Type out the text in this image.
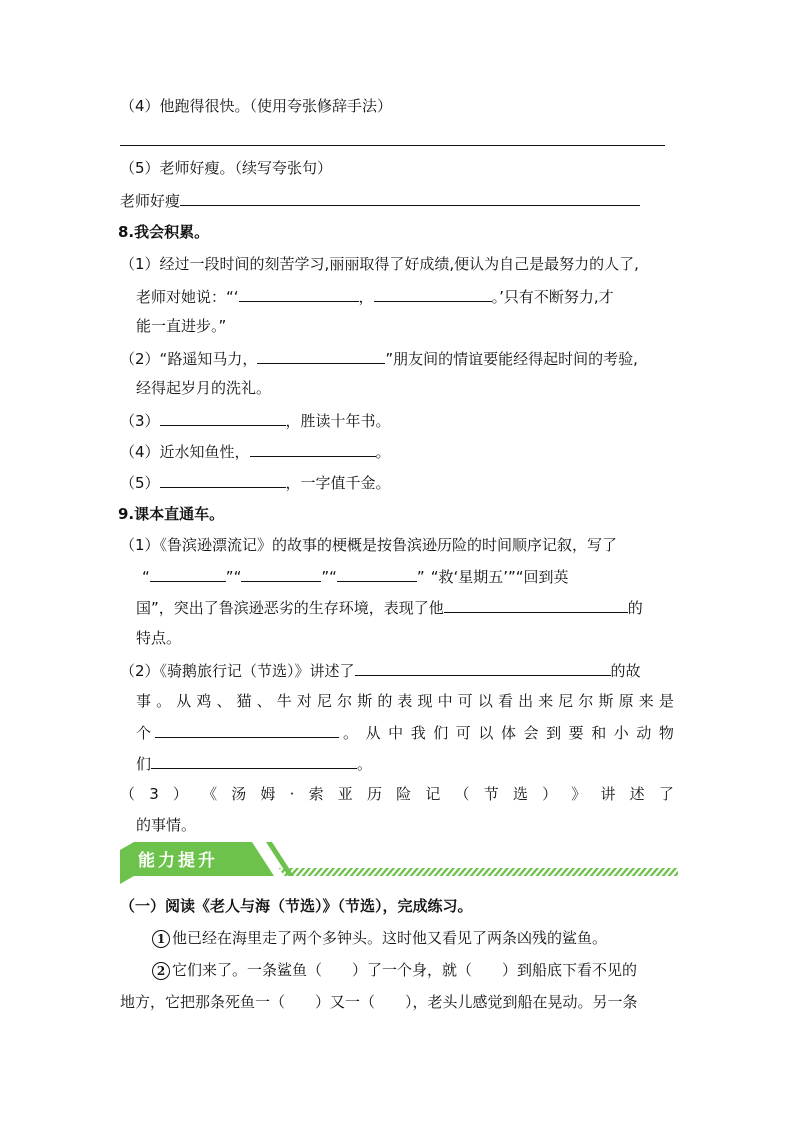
（4）他跑得很快。（使用夸张修辞手法）
（5）老师好瘦。（续写夸张句）
老师好瘦
8.我会积累。
（1）经过一段时间的刻苦学习,丽丽取得了好成绩,便认为自己是最努力的人了,
老师对她说：“‘	，	。’只有不断努力,才
能一直进步。”
（2）“路遥知马力，	”朋友间的情谊要能经得起时间的考验,
经得起岁月的洗礼。
（3）	，胜读十年书。
（4）近水知鱼性，	。
（5）	，一字值千金。
9.课本直通车。
（1）《鲁滨逊漂流记》的故事的梗概是按鲁滨逊历险的时间顺序记叙，写了
“	”“	”“	” “救‘星期五’”“回到英
国”，突出了鲁滨逊恶劣的生存环境，表现了他	的
特点。
（2）《骑鹅旅行记（节选）》讲述了	的故
事 。 从 鸡 、 猫 、 牛 对 尼 尔 斯 的 表 现 中 可 以 看 出 来 尼 尔 斯 原 来 是
个	。 从 中 我 们 可 以 体 会 到 要 和 小 动 物
们	。
（ 3 ） 《 汤 姆 · 索 亚 历 险 记 （ 节 选 ） 》 讲 述 了
的事情。
能力提升
（一）阅读《老人与海（节选）》（节选），完成练习。
1 他已经在海里走了两个多钟头。这时他又看见了两条凶残的鲨鱼。
2 它们来了。一条鲨鱼（　　）了一个身，就（　　）到船底下看不见的
地方，它把那条死鱼一（　　）又一（　　），老头儿感觉到船在晃动。另一条
